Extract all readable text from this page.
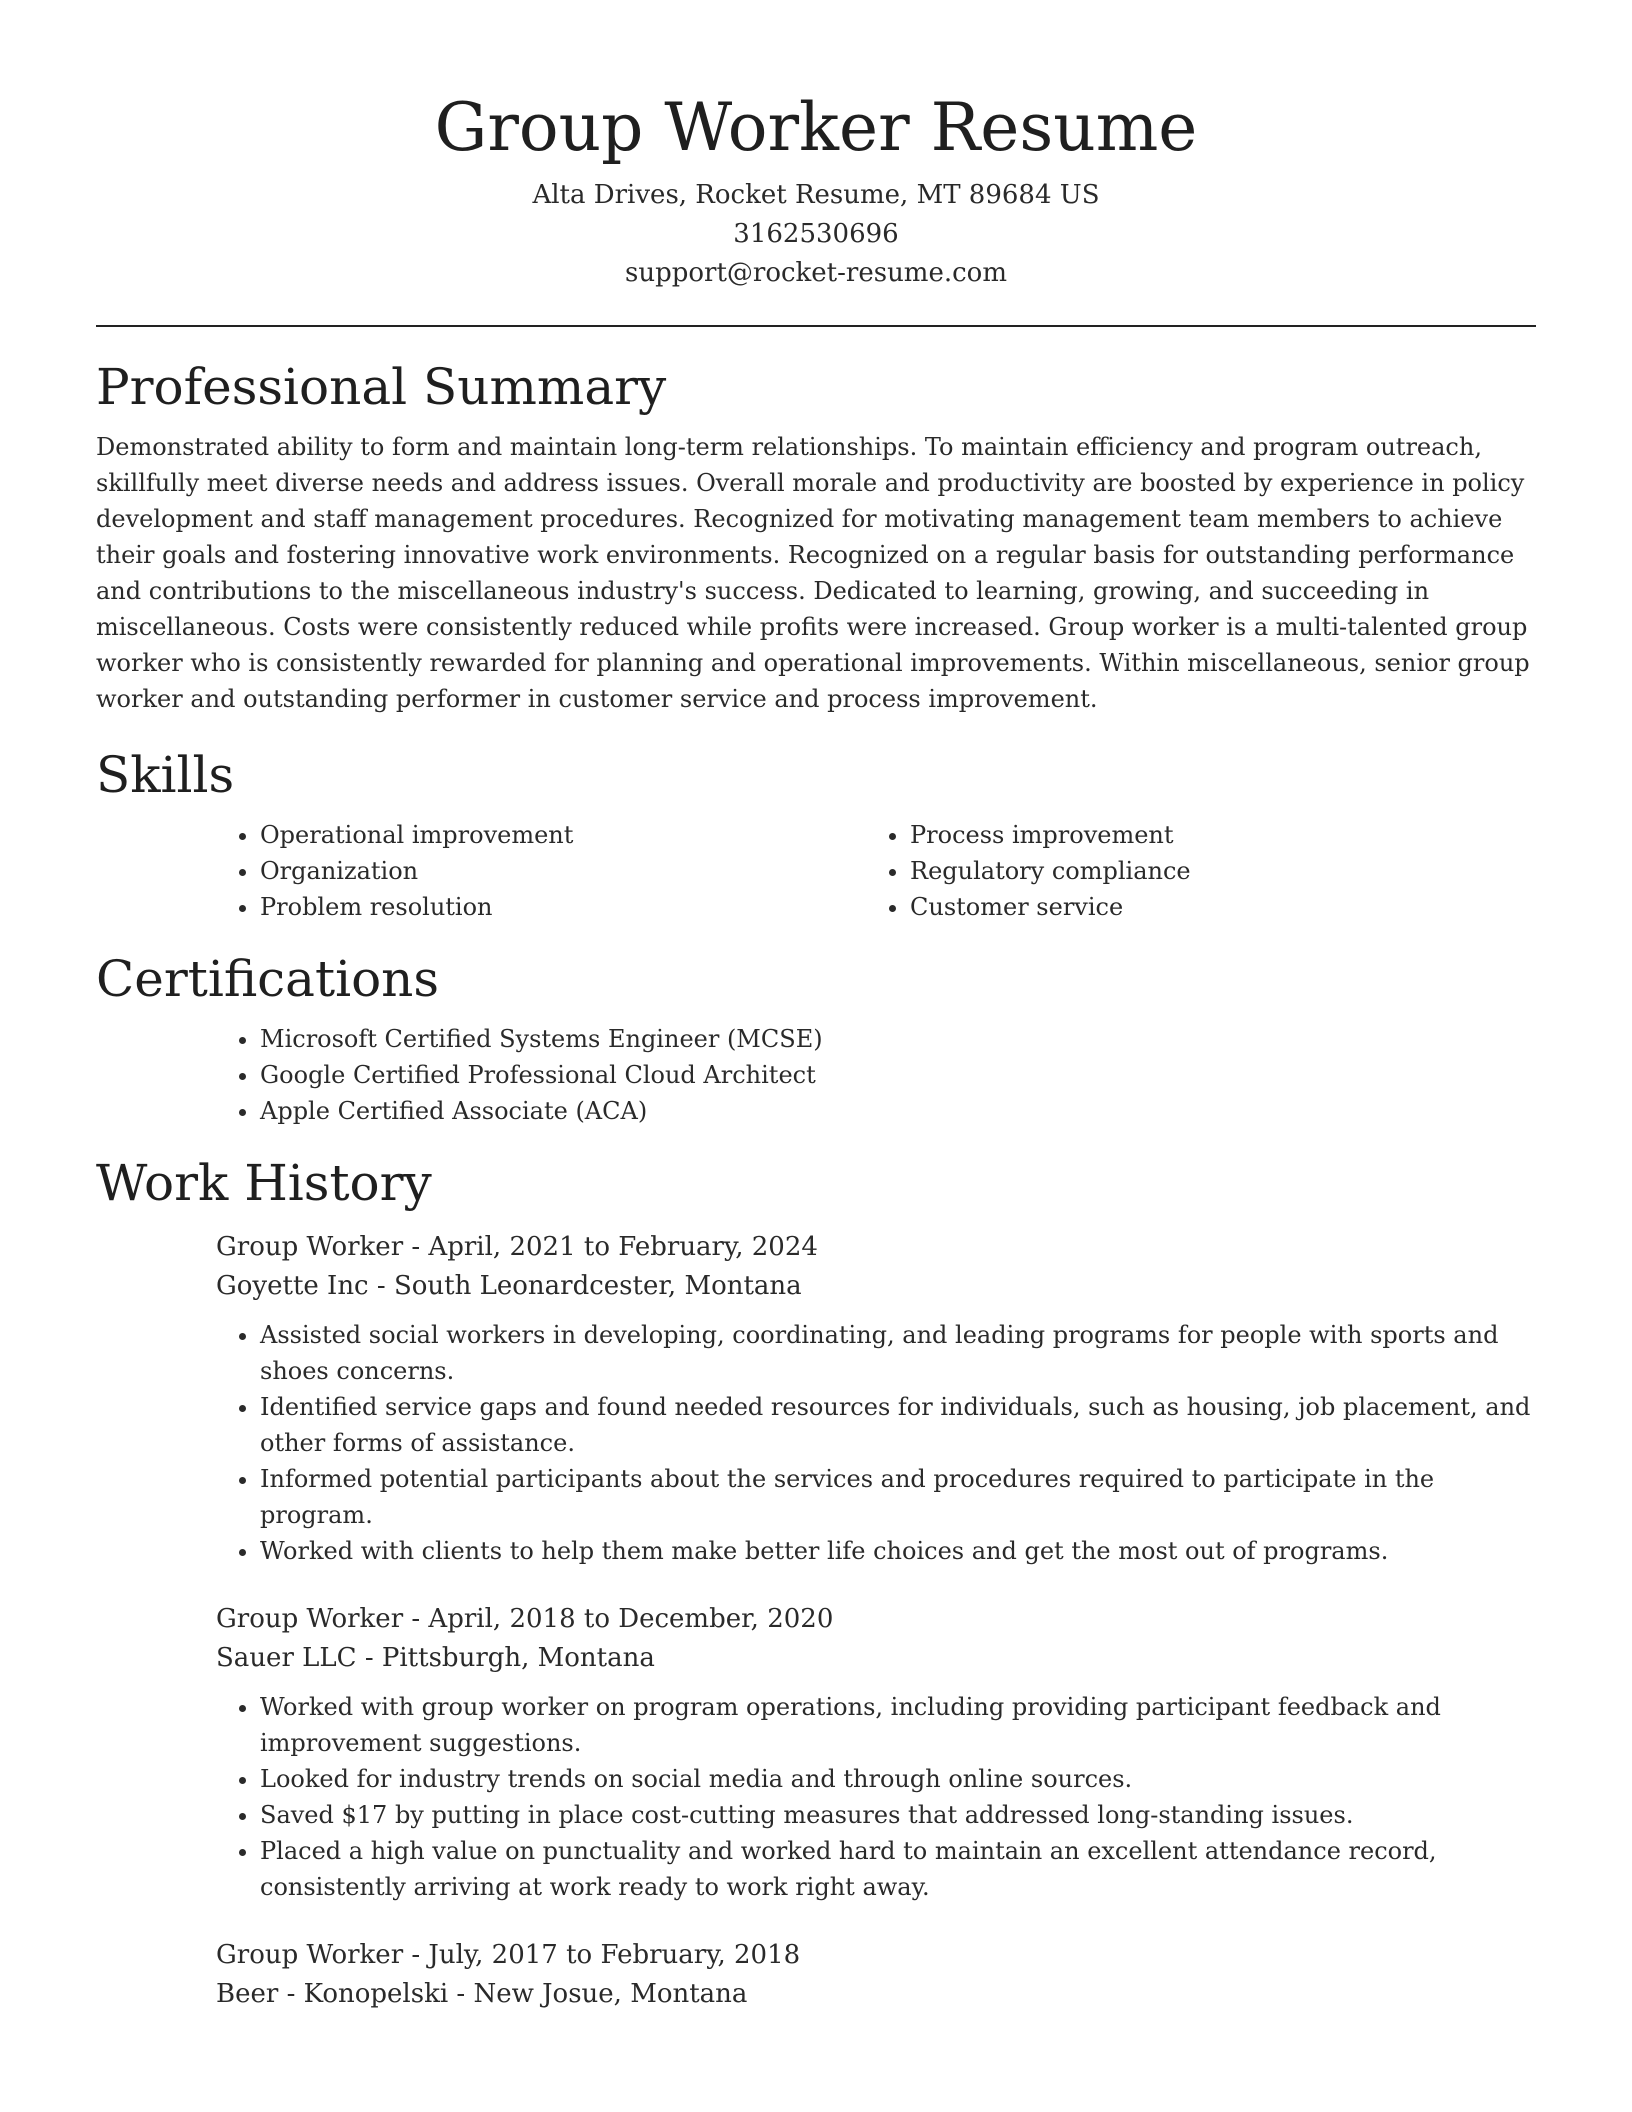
Group Worker Resume
Alta Drives, Rocket Resume, MT 89684 US
3162530696
support@rocket-resume.com
Professional Summary

Demonstrated ability to form and maintain long-term relationships. To maintain efficiency and program outreach, skillfully meet diverse needs and address issues. Overall morale and productivity are boosted by experience in policy development and staff management procedures. Recognized for motivating management team members to achieve their goals and fostering innovative work environments. Recognized on a regular basis for outstanding performance and contributions to the miscellaneous industry's success. Dedicated to learning, growing, and succeeding in miscellaneous. Costs were consistently reduced while profits were increased. Group worker is a multi-talented group worker who is consistently rewarded for planning and operational improvements. Within miscellaneous, senior group worker and outstanding performer in customer service and process improvement.

Skills
• Operational improvement
• Organization
• Problem resolution
• Process improvement
• Regulatory compliance
• Customer service
Certifications
• Microsoft Certified Systems Engineer (MCSE)
• Google Certified Professional Cloud Architect
• Apple Certified Associate (ACA)
Work History
Group Worker - April, 2021 to February, 2024
Goyette Inc - South Leonardcester, Montana
• Assisted social workers in developing, coordinating, and leading programs for people with sports and shoes concerns.
• Identified service gaps and found needed resources for individuals, such as housing, job placement, and other forms of assistance.
• Informed potential participants about the services and procedures required to participate in the program.
• Worked with clients to help them make better life choices and get the most out of programs.
Group Worker - April, 2018 to December, 2020
Sauer LLC - Pittsburgh, Montana
• Worked with group worker on program operations, including providing participant feedback and improvement suggestions.
• Looked for industry trends on social media and through online sources.
• Saved $17 by putting in place cost-cutting measures that addressed long-standing issues.
• Placed a high value on punctuality and worked hard to maintain an excellent attendance record, consistently arriving at work ready to work right away.
Group Worker - July, 2017 to February, 2018
Beer - Konopelski - New Josue, Montana
